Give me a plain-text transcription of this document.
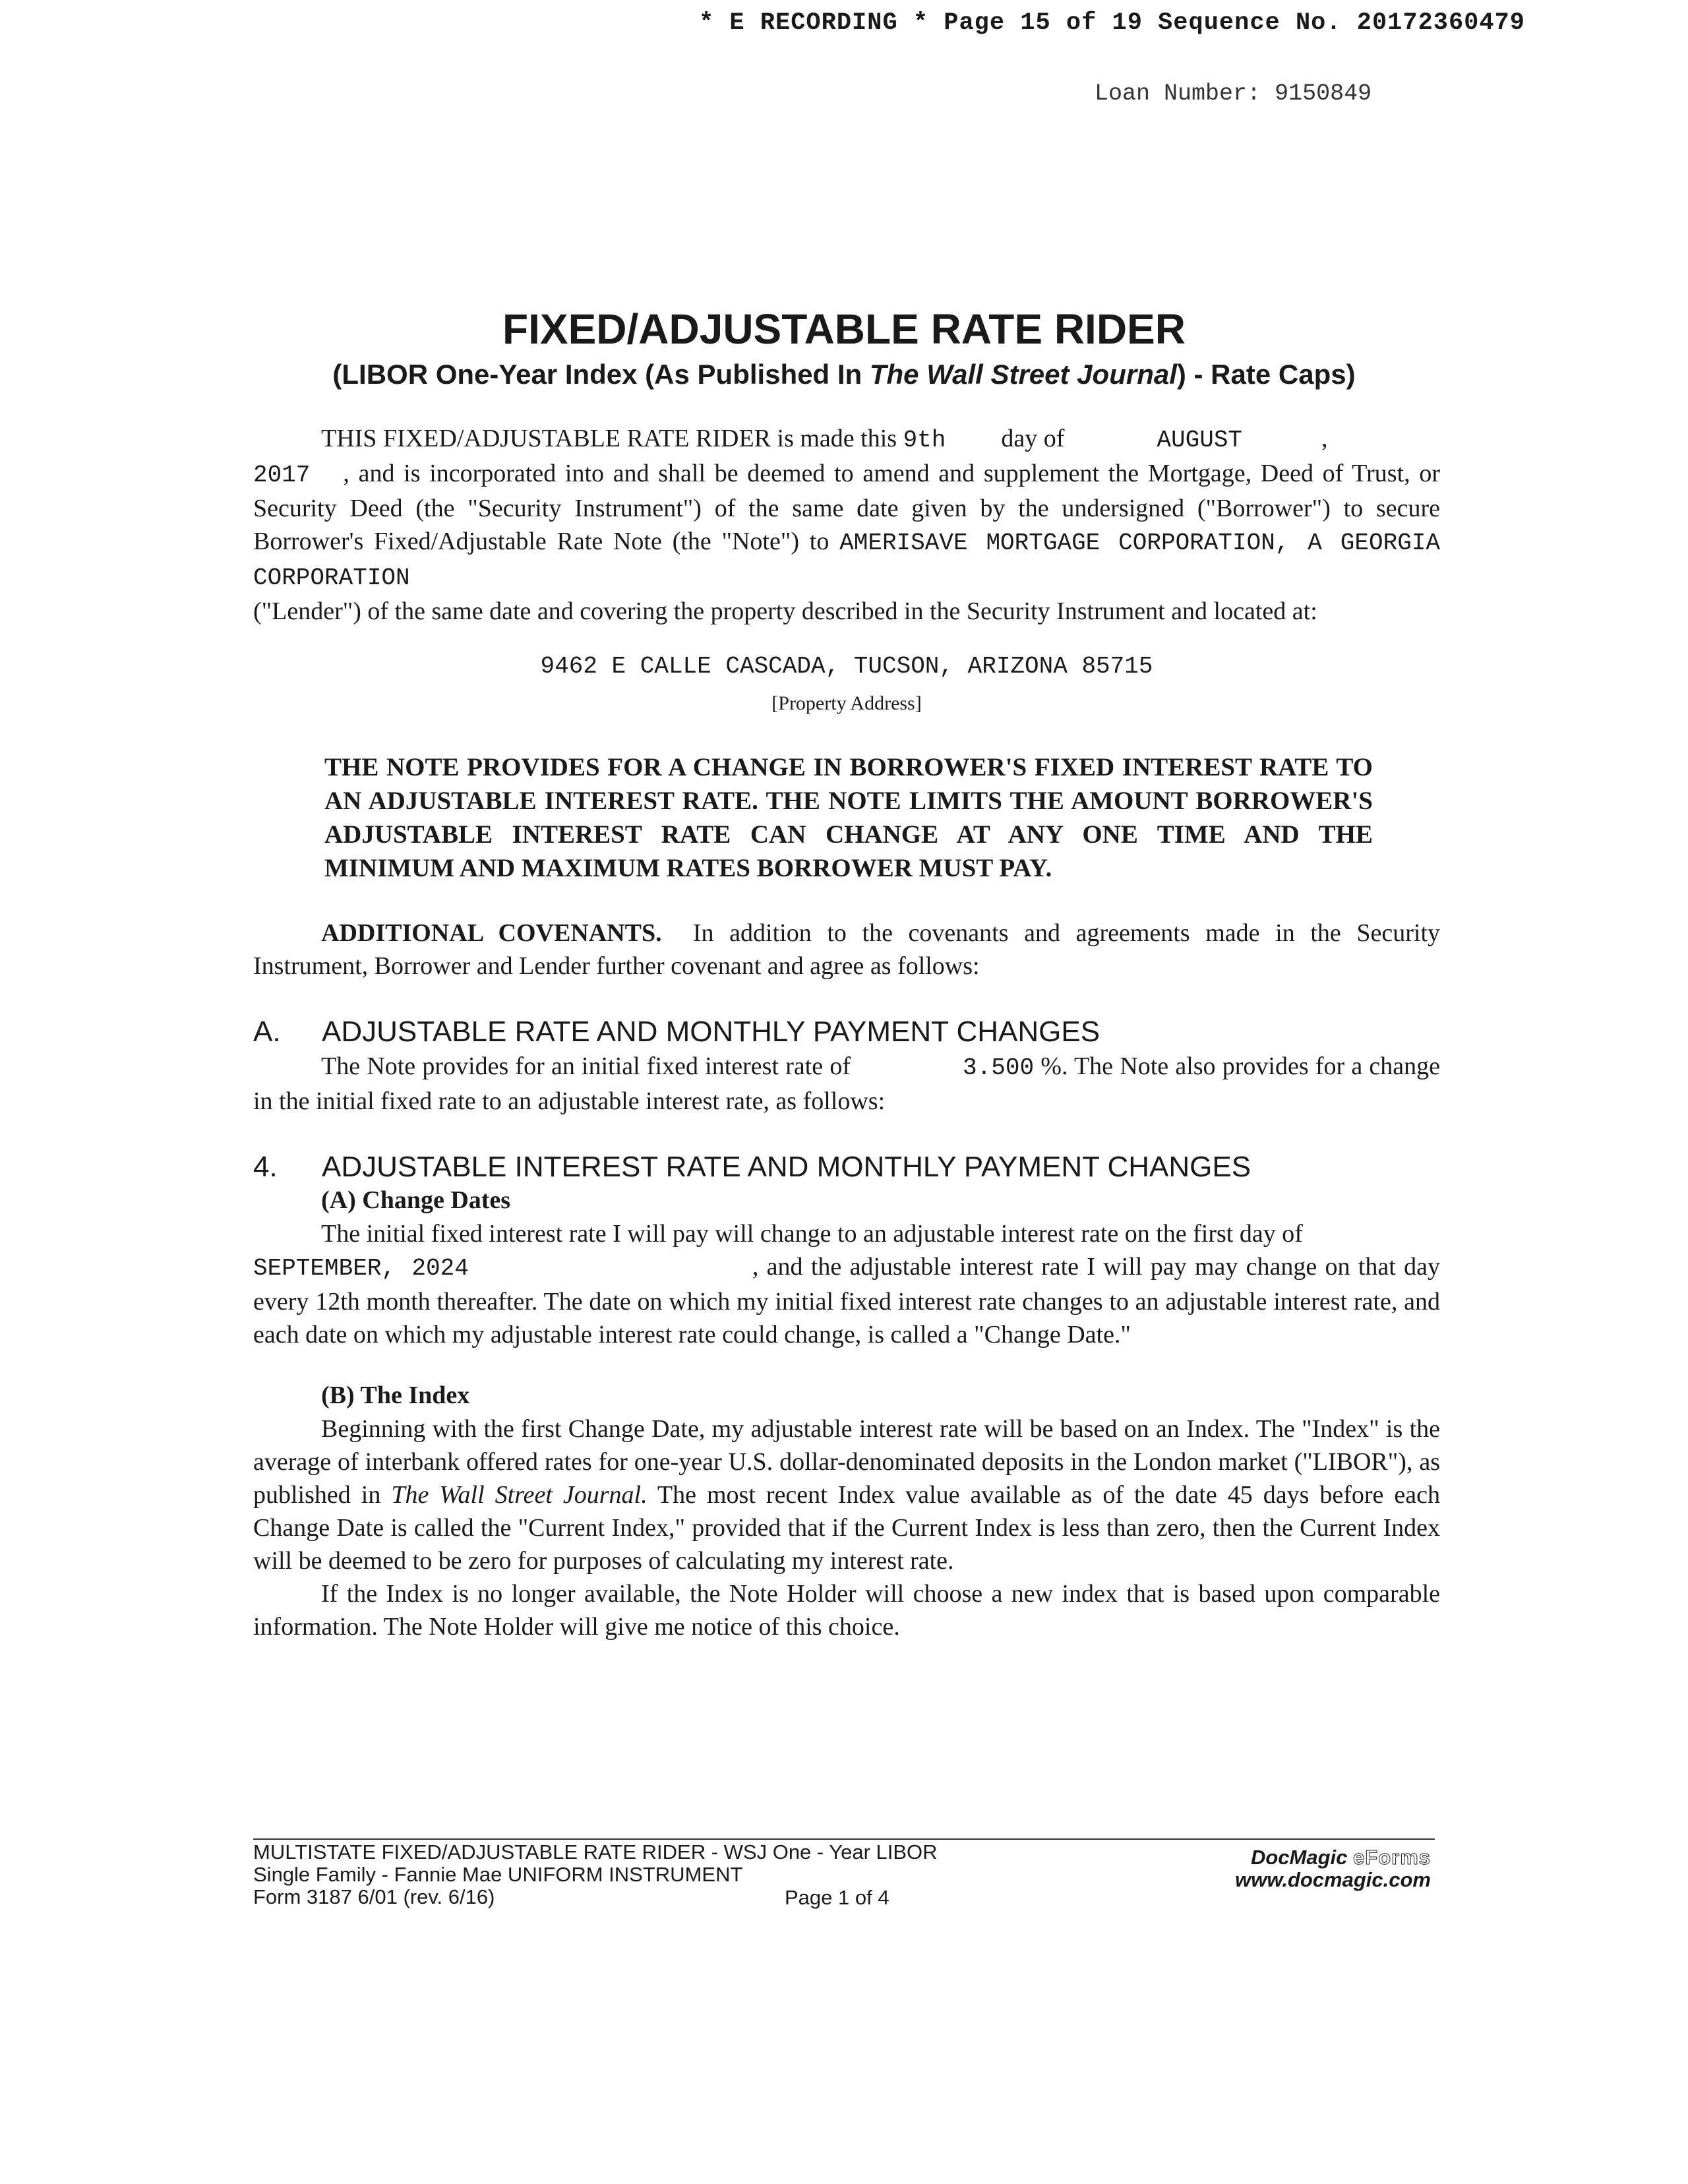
* E RECORDING * Page 15 of 19 Sequence No. 20172360479
Loan Number: 9150849
FIXED/ADJUSTABLE RATE RIDER
(LIBOR One-Year Index (As Published In The Wall Street Journal) - Rate Caps)
THIS FIXED/ADJUSTABLE RATE RIDER is made this 9th day of	AUGUST	,
2017 , and is incorporated into and shall be deemed to amend and supplement the Mortgage, Deed of Trust, or Security Deed (the "Security Instrument") of the same date given by the undersigned ("Borrower") to secure Borrower's Fixed/Adjustable Rate Note (the "Note") to AMERISAVE MORTGAGE CORPORATION, A GEORGIA CORPORATION
("Lender") of the same date and covering the property described in the Security Instrument and located at:
9462 E CALLE CASCADA, TUCSON, ARIZONA 85715
[Property Address]
THE NOTE PROVIDES FOR A CHANGE IN BORROWER'S FIXED INTEREST RATE TO AN ADJUSTABLE INTEREST RATE. THE NOTE LIMITS THE AMOUNT BORROWER'S ADJUSTABLE INTEREST RATE CAN CHANGE AT ANY ONE TIME AND THE MINIMUM AND MAXIMUM RATES BORROWER MUST PAY.
ADDITIONAL COVENANTS. In addition to the covenants and agreements made in the Security Instrument, Borrower and Lender further covenant and agree as follows:
A. ADJUSTABLE RATE AND MONTHLY PAYMENT CHANGES
The Note provides for an initial fixed interest rate of	3.500 %. The Note also provides for a change in the initial fixed rate to an adjustable interest rate, as follows:
4. ADJUSTABLE INTEREST RATE AND MONTHLY PAYMENT CHANGES
(A) Change Dates
The initial fixed interest rate I will pay will change to an adjustable interest rate on the first day of
SEPTEMBER, 2024	, and the adjustable interest rate I will pay may change on that day every 12th month thereafter. The date on which my initial fixed interest rate changes to an adjustable interest rate, and each date on which my adjustable interest rate could change, is called a "Change Date."
(B) The Index
Beginning with the first Change Date, my adjustable interest rate will be based on an Index. The "Index" is the average of interbank offered rates for one-year U.S. dollar-denominated deposits in the London market ("LIBOR"), as published in The Wall Street Journal. The most recent Index value available as of the date 45 days before each Change Date is called the "Current Index," provided that if the Current Index is less than zero, then the Current Index will be deemed to be zero for purposes of calculating my interest rate.
If the Index is no longer available, the Note Holder will choose a new index that is based upon comparable information. The Note Holder will give me notice of this choice.
MULTISTATE FIXED/ADJUSTABLE RATE RIDER - WSJ One - Year LIBOR
Single Family - Fannie Mae UNIFORM INSTRUMENT
Form 3187 6/01 (rev. 6/16)	Page 1 of 4
DocMagic eForms
www.docmagic.com
